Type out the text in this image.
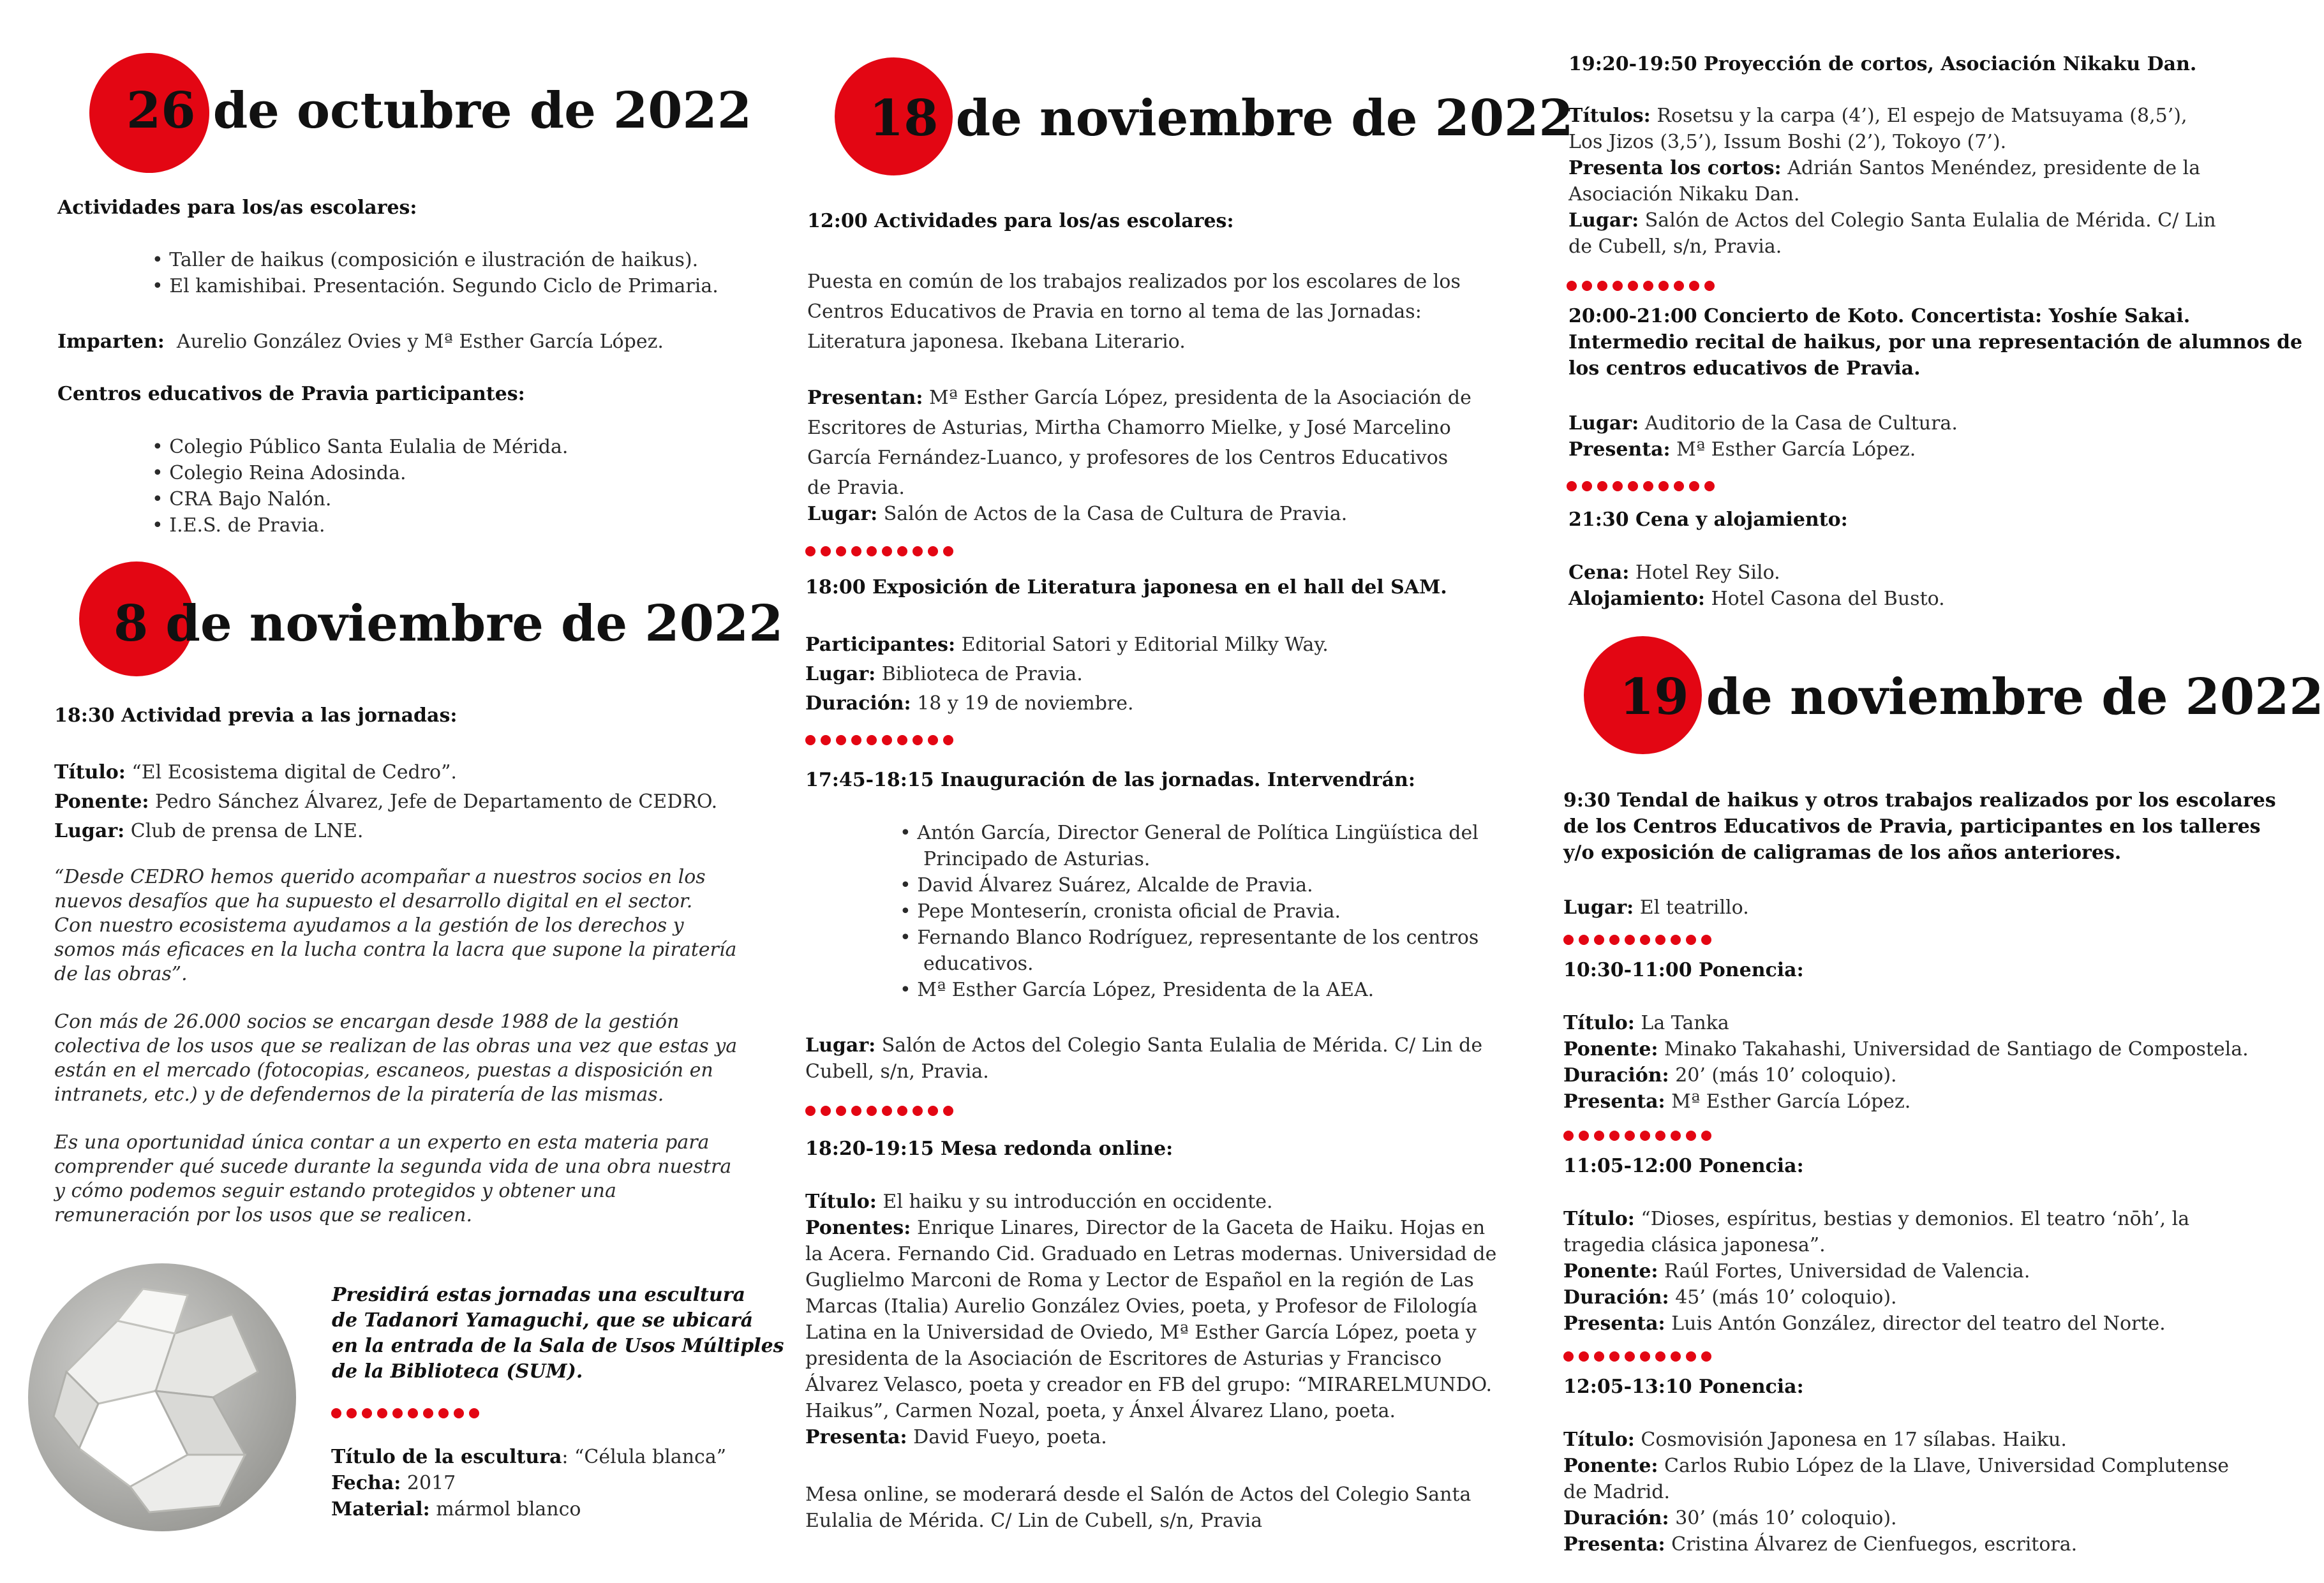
26 de octubre de 2022
Actividades para los/as escolares:
• Taller de haikus (composición e ilustración de haikus).
• El kamishibai. Presentación. Segundo Ciclo de Primaria.
Imparten: Aurelio González Ovies y Mª Esther García López.
Centros educativos de Pravia participantes:
• Colegio Público Santa Eulalia de Mérida.
• Colegio Reina Adosinda.
• CRA Bajo Nalón.
• I.E.S. de Pravia.
8 de noviembre de 2022
18:30 Actividad previa a las jornadas:
Título: “El Ecosistema digital de Cedro”.
Ponente: Pedro Sánchez Álvarez, Jefe de Departamento de CEDRO.
Lugar: Club de prensa de LNE.
“Desde CEDRO hemos querido acompañar a nuestros socios en los
nuevos desafíos que ha supuesto el desarrollo digital en el sector.
Con nuestro ecosistema ayudamos a la gestión de los derechos y
somos más eficaces en la lucha contra la lacra que supone la piratería
de las obras”.
Con más de 26.000 socios se encargan desde 1988 de la gestión
colectiva de los usos que se realizan de las obras una vez que estas ya
están en el mercado (fotocopias, escaneos, puestas a disposición en
intranets, etc.) y de defendernos de la piratería de las mismas.
Es una oportunidad única contar a un experto en esta materia para
comprender qué sucede durante la segunda vida de una obra nuestra
y cómo podemos seguir estando protegidos y obtener una
remuneración por los usos que se realicen.
Presidirá estas jornadas una escultura
de Tadanori Yamaguchi, que se ubicará
en la entrada de la Sala de Usos Múltiples
de la Biblioteca (SUM).
Título de la escultura: “Célula blanca”
Fecha: 2017
Material: mármol blanco
18 de noviembre de 2022
12:00 Actividades para los/as escolares:
Puesta en común de los trabajos realizados por los escolares de los
Centros Educativos de Pravia en torno al tema de las Jornadas:
Literatura japonesa. Ikebana Literario.
Presentan: Mª Esther García López, presidenta de la Asociación de
Escritores de Asturias, Mirtha Chamorro Mielke, y José Marcelino
García Fernández-Luanco, y profesores de los Centros Educativos
de Pravia.
Lugar: Salón de Actos de la Casa de Cultura de Pravia.
18:00 Exposición de Literatura japonesa en el hall del SAM.
Participantes: Editorial Satori y Editorial Milky Way.
Lugar: Biblioteca de Pravia.
Duración: 18 y 19 de noviembre.
17:45-18:15 Inauguración de las jornadas. Intervendrán:
• Antón García, Director General de Política Lingüística del
Principado de Asturias.
• David Álvarez Suárez, Alcalde de Pravia.
• Pepe Monteserín, cronista oficial de Pravia.
• Fernando Blanco Rodríguez, representante de los centros
educativos.
• Mª Esther García López, Presidenta de la AEA.
Lugar: Salón de Actos del Colegio Santa Eulalia de Mérida. C/ Lin de
Cubell, s/n, Pravia.
18:20-19:15 Mesa redonda online:
Título: El haiku y su introducción en occidente.
Ponentes: Enrique Linares, Director de la Gaceta de Haiku. Hojas en
la Acera. Fernando Cid. Graduado en Letras modernas. Universidad de
Guglielmo Marconi de Roma y Lector de Español en la región de Las
Marcas (Italia) Aurelio González Ovies, poeta, y Profesor de Filología
Latina en la Universidad de Oviedo, Mª Esther García López, poeta y
presidenta de la Asociación de Escritores de Asturias y Francisco
Álvarez Velasco, poeta y creador en FB del grupo: “MIRARELMUNDO.
Haikus”, Carmen Nozal, poeta, y Ánxel Álvarez Llano, poeta.
Presenta: David Fueyo, poeta.
Mesa online, se moderará desde el Salón de Actos del Colegio Santa
Eulalia de Mérida. C/ Lin de Cubell, s/n, Pravia
19:20-19:50 Proyección de cortos, Asociación Nikaku Dan.
Títulos: Rosetsu y la carpa (4’), El espejo de Matsuyama (8,5’),
Los Jizos (3,5’), Issum Boshi (2’), Tokoyo (7’).
Presenta los cortos: Adrián Santos Menéndez, presidente de la
Asociación Nikaku Dan.
Lugar: Salón de Actos del Colegio Santa Eulalia de Mérida. C/ Lin
de Cubell, s/n, Pravia.
20:00-21:00 Concierto de Koto. Concertista: Yoshíe Sakai.
Intermedio recital de haikus, por una representación de alumnos de
los centros educativos de Pravia.
Lugar: Auditorio de la Casa de Cultura.
Presenta: Mª Esther García López.
21:30 Cena y alojamiento:
Cena: Hotel Rey Silo.
Alojamiento: Hotel Casona del Busto.
19 de noviembre de 2022
9:30 Tendal de haikus y otros trabajos realizados por los escolares
de los Centros Educativos de Pravia, participantes en los talleres
y/o exposición de caligramas de los años anteriores.
Lugar: El teatrillo.
10:30-11:00 Ponencia:
Título: La Tanka
Ponente: Minako Takahashi, Universidad de Santiago de Compostela.
Duración: 20’ (más 10’ coloquio).
Presenta: Mª Esther García López.
11:05-12:00 Ponencia:
Título: “Dioses, espíritus, bestias y demonios. El teatro ‘nōh’, la
tragedia clásica japonesa”.
Ponente: Raúl Fortes, Universidad de Valencia.
Duración: 45’ (más 10’ coloquio).
Presenta: Luis Antón González, director del teatro del Norte.
12:05-13:10 Ponencia:
Título: Cosmovisión Japonesa en 17 sílabas. Haiku.
Ponente: Carlos Rubio López de la Llave, Universidad Complutense
de Madrid.
Duración: 30’ (más 10’ coloquio).
Presenta: Cristina Álvarez de Cienfuegos, escritora.
